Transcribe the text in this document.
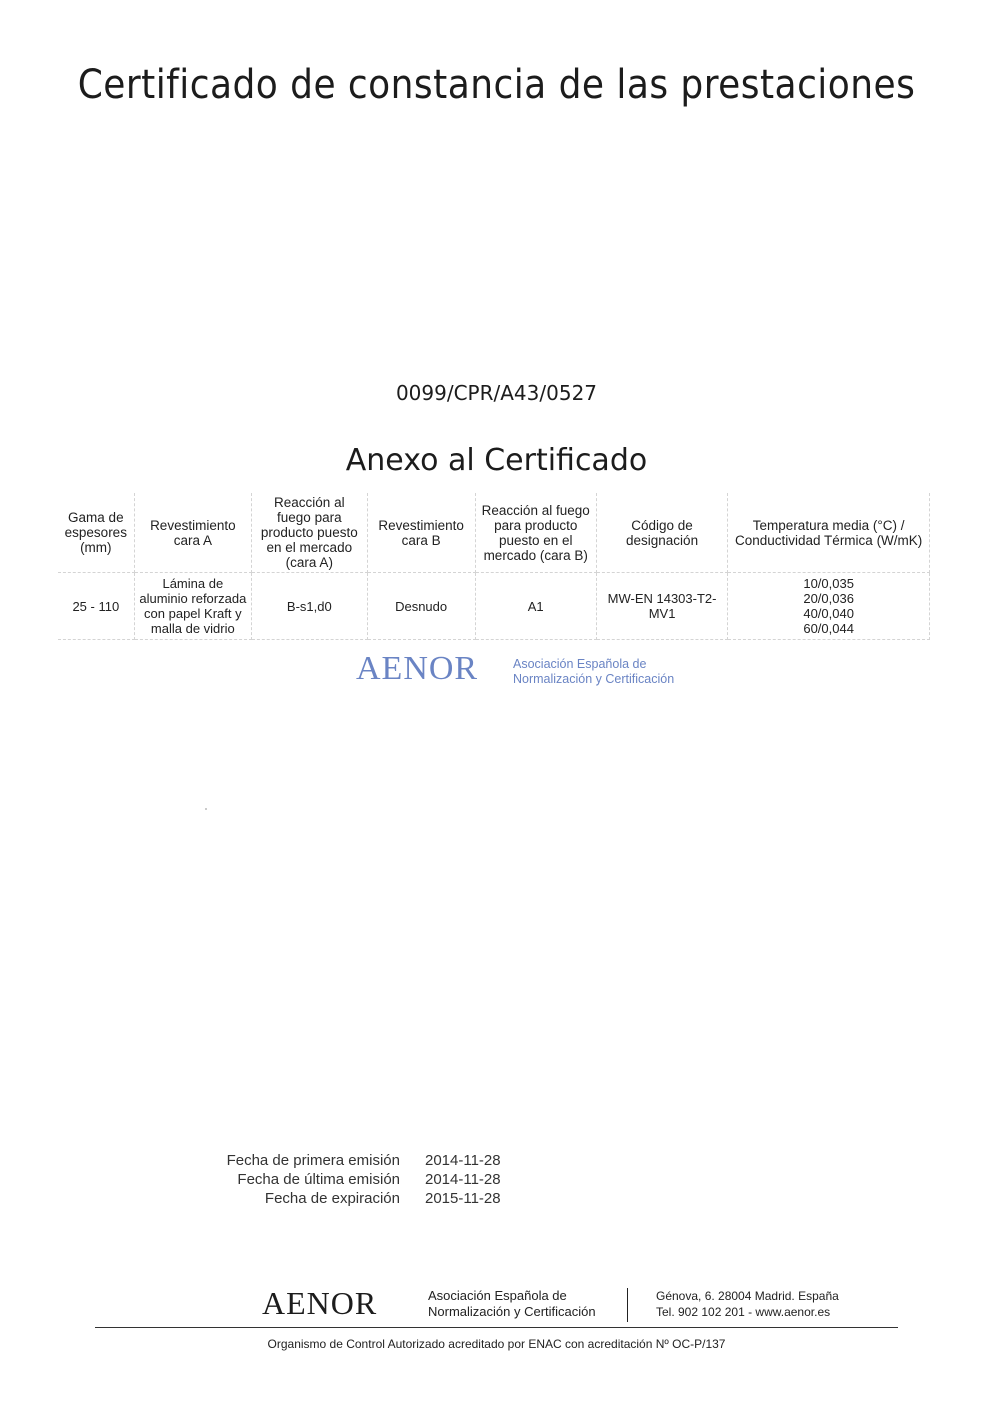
Certificado de constancia de las prestaciones
0099/CPR/A43/0527
Anexo al Certificado
Gama de espesores (mm)	Revestimiento cara A	Reacción al fuego para producto puesto en el mercado (cara A)	Revestimiento cara B	Reacción al fuego para producto puesto en el mercado (cara B)	Código de designación	Temperatura media (°C) / Conductividad Térmica (W/mK)
25 - 110	Lámina de aluminio reforzada con papel Kraft y malla de vidrio	B-s1,d0	Desnudo	A1	MW-EN 14303-T2-MV1	10/0,035
20/0,036
40/0,040
60/0,044
AENOR	Asociación Española de
Normalización y Certificación
Fecha de primera emisión 2014-11-28
Fecha de última emisión 2014-11-28
Fecha de expiración 2015-11-28
AENOR	Asociación Española de
Normalización y Certificación
Génova, 6. 28004 Madrid. España
Tel. 902 102 201 - www.aenor.es
Organismo de Control Autorizado acreditado por ENAC con acreditación Nº OC-P/137
